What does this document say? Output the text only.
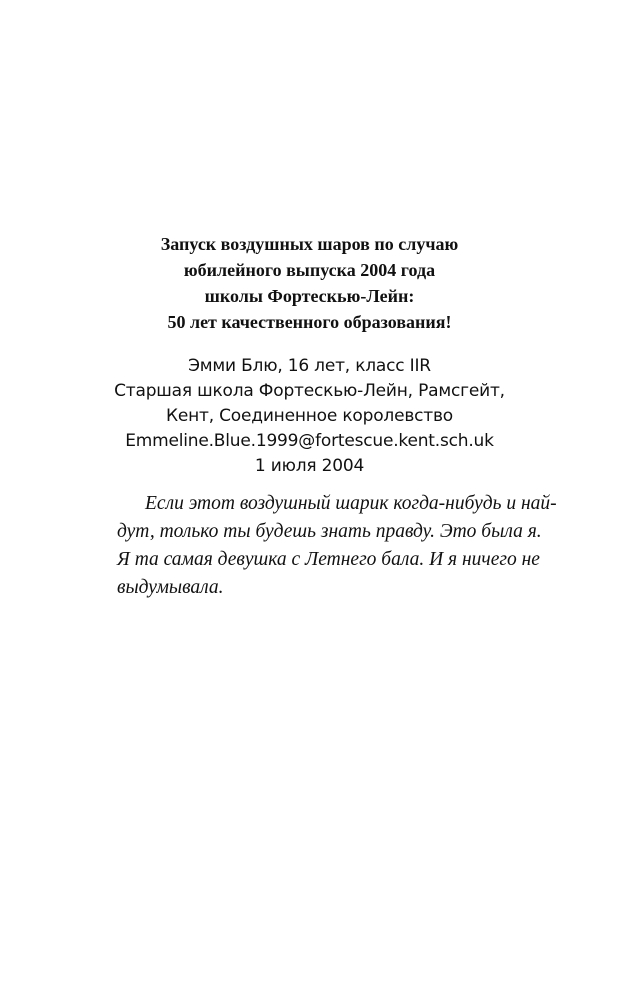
Запуск воздушных шаров по случаю
юбилейного выпуска 2004 года
школы Фортескью-Лейн:
50 лет качественного образования!
Эмми Блю, 16 лет, класс IIR
Старшая школа Фортескью-Лейн, Рамсгейт,
Кент, Соединенное королевство
Emmeline.Blue.1999@fortescue.kent.sch.uk
1 июля 2004
Если этот воздушный шарик когда-нибудь и най-
дут, только ты будешь знать правду. Это была я.
Я та самая девушка с Летнего бала. И я ничего не
выдумывала.
